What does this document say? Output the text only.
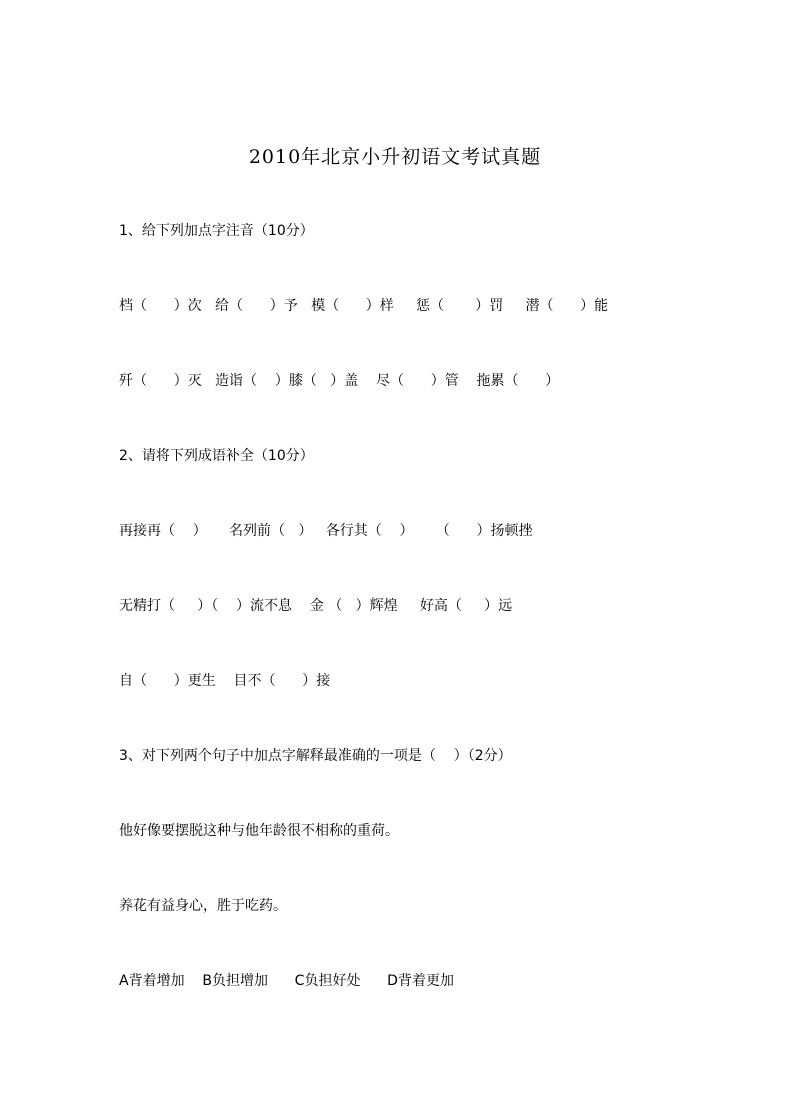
2010年北京小升初语文考试真题
1、给下列加点字注音（10分）
档（      ）次   给（      ）予   模（      ）样     惩（       ）罚     潜（      ）能
歼（      ）灭   造诣（    ）膝（   ）盖    尽（      ）管    拖累（      ）
2、请将下列成语补全（10分）
再接再（    ）     名列前（   ）   各行其（    ）     （      ）扬顿挫
无精打（     ）（    ）流不息    金 （   ）辉煌     好高（     ）远
自（      ）更生    目不（      ）接
3、对下列两个句子中加点字解释最准确的一项是（    ）（2分）
他好像要摆脱这种与他年龄很不相称的重荷。
养花有益身心，胜于吃药。
A背着增加    B负担增加      C负担好处      D背着更加
